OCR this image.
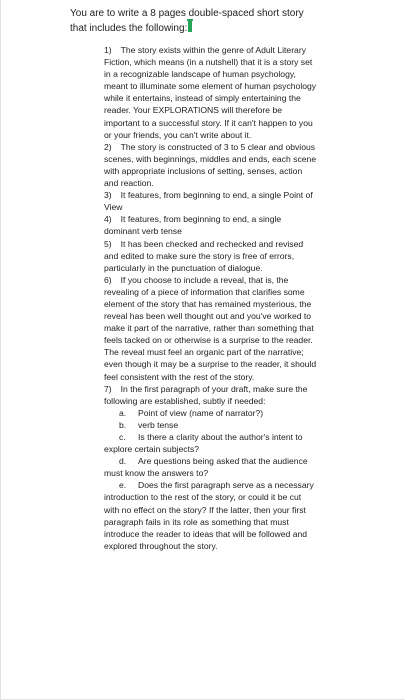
You are to write a 8 pages double-spaced short story
that includes the following:

1) The story exists within the genre of Adult Literary Fiction, which means (in a nutshell) that it is a story set in a recognizable landscape of human psychology, meant to illuminate some element of human psychology while it entertains, instead of simply entertaining the reader. Your EXPLORATIONS will therefore be important to a successful story. If it can't happen to you or your friends, you can't write about it.

2) The story is constructed of 3 to 5 clear and obvious scenes, with beginnings, middles and ends, each scene with appropriate inclusions of setting, senses, action and reaction.

3) It features, from beginning to end, a single Point of View

4) It features, from beginning to end, a single dominant verb tense

5) It has been checked and rechecked and revised and edited to make sure the story is free of errors, particularly in the punctuation of dialogue.

6) If you choose to include a reveal, that is, the revealing of a piece of information that clarifies some element of the story that has remained mysterious, the reveal has been well thought out and you've worked to make it part of the narrative, rather than something that feels tacked on or otherwise is a surprise to the reader. The reveal must feel an organic part of the narrative; even though it may be a surprise to the reader, it should feel consistent with the rest of the story.

7) In the first paragraph of your draft, make sure the following are established, subtly if needed:

a. Point of view (name of narrator?)

b. verb tense

c. Is there a clarity about the author's intent to explore certain subjects?

d. Are questions being asked that the audience must know the answers to?

e. Does the first paragraph serve as a necessary introduction to the rest of the story, or could it be cut with no effect on the story? If the latter, then your first paragraph fails in its role as something that must introduce the reader to ideas that will be followed and explored throughout the story.
